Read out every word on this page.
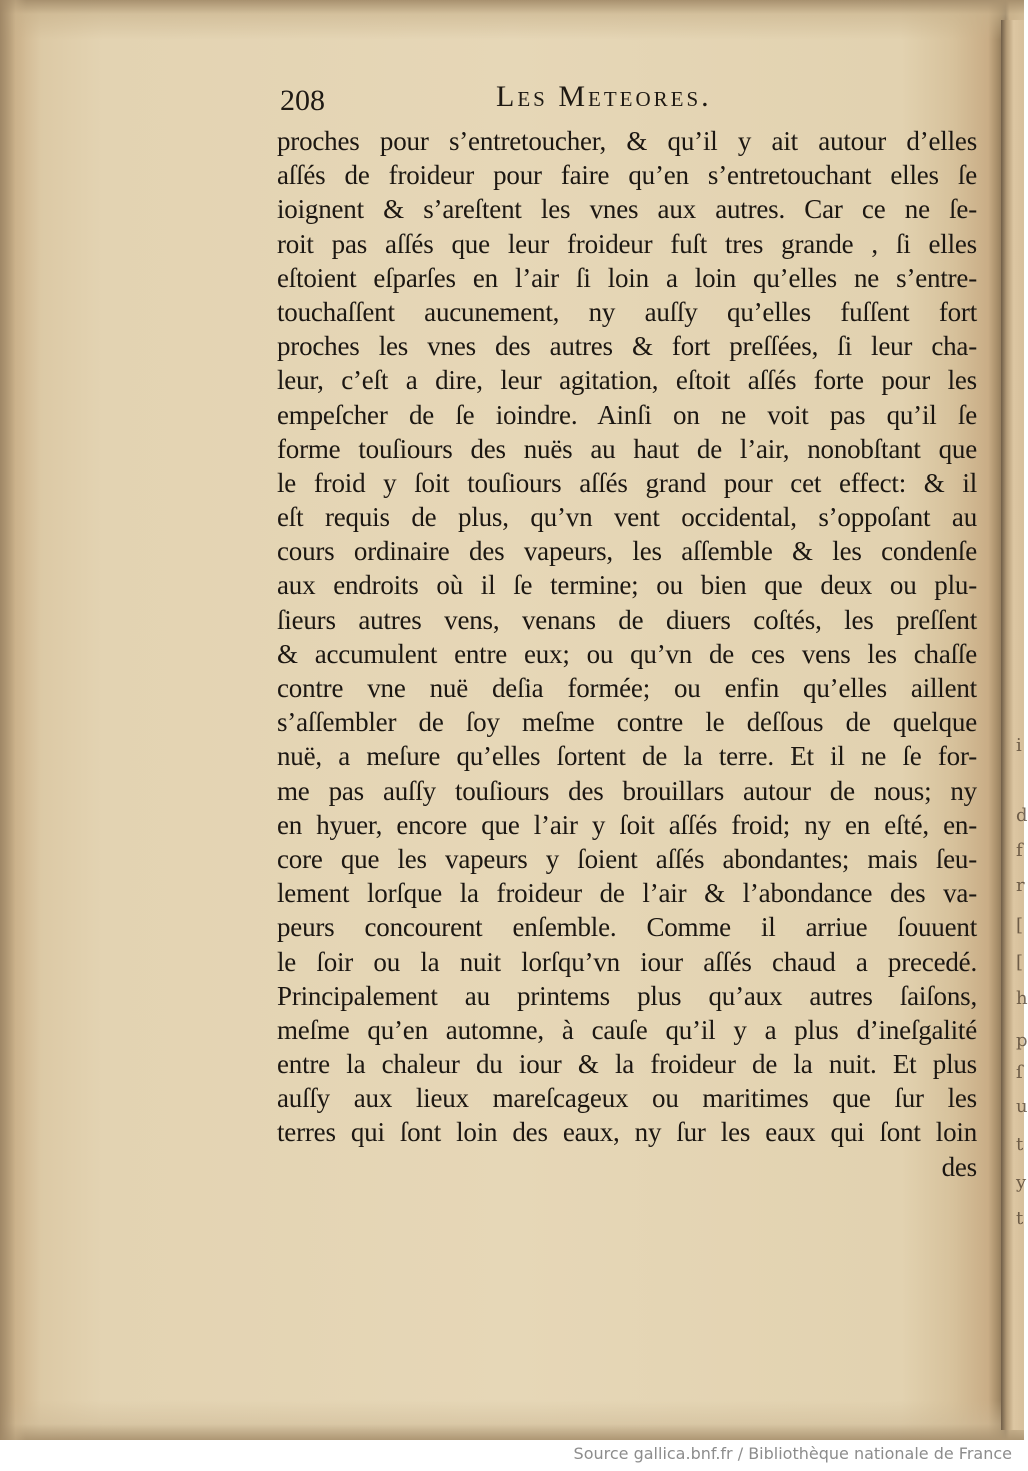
i
d
f
r
[
[
h
p
ſ
u
t
y
t
208	Les Meteores.
proches pour s’entretoucher, & qu’il y ait autour d’elles
aſſés de froideur pour faire qu’en s’entretouchant elles ſe
ioignent & s’areſtent les vnes aux autres. Car ce ne ſe-
roit pas aſſés que leur froideur fuſt tres grande , ſi elles
eſtoient eſparſes en l’air ſi loin a loin qu’elles ne s’entre-
touchaſſent aucunement, ny auſſy qu’elles fuſſent fort
proches les vnes des autres & fort preſſées, ſi leur cha-
leur, c’eſt a dire, leur agitation, eſtoit aſſés forte pour les
empeſcher de ſe ioindre. Ainſi on ne voit pas qu’il ſe
forme touſiours des nuës au haut de l’air, nonobſtant que
le froid y ſoit touſiours aſſés grand pour cet effect: & il
eſt requis de plus, qu’vn vent occidental, s’oppoſant au
cours ordinaire des vapeurs, les aſſemble & les condenſe
aux endroits où il ſe termine; ou bien que deux ou plu-
ſieurs autres vens, venans de diuers coſtés, les preſſent
& accumulent entre eux; ou qu’vn de ces vens les chaſſe
contre vne nuë deſia formée; ou enfin qu’elles aillent
s’aſſembler de ſoy meſme contre le deſſous de quelque
nuë, a meſure qu’elles ſortent de la terre. Et il ne ſe for-
me pas auſſy touſiours des brouillars autour de nous; ny
en hyuer, encore que l’air y ſoit aſſés froid; ny en eſté, en-
core que les vapeurs y ſoient aſſés abondantes; mais ſeu-
lement lorſque la froideur de l’air & l’abondance des va-
peurs concourent enſemble. Comme il arriue ſouuent
le ſoir ou la nuit lorſqu’vn iour aſſés chaud a precedé.
Principalement au printems plus qu’aux autres ſaiſons,
meſme qu’en automne, à cauſe qu’il y a plus d’ineſgalité
entre la chaleur du iour & la froideur de la nuit. Et plus
auſſy aux lieux mareſcageux ou maritimes que ſur les
terres qui ſont loin des eaux, ny ſur les eaux qui ſont loin
des
Source gallica.bnf.fr / Bibliothèque nationale de France
